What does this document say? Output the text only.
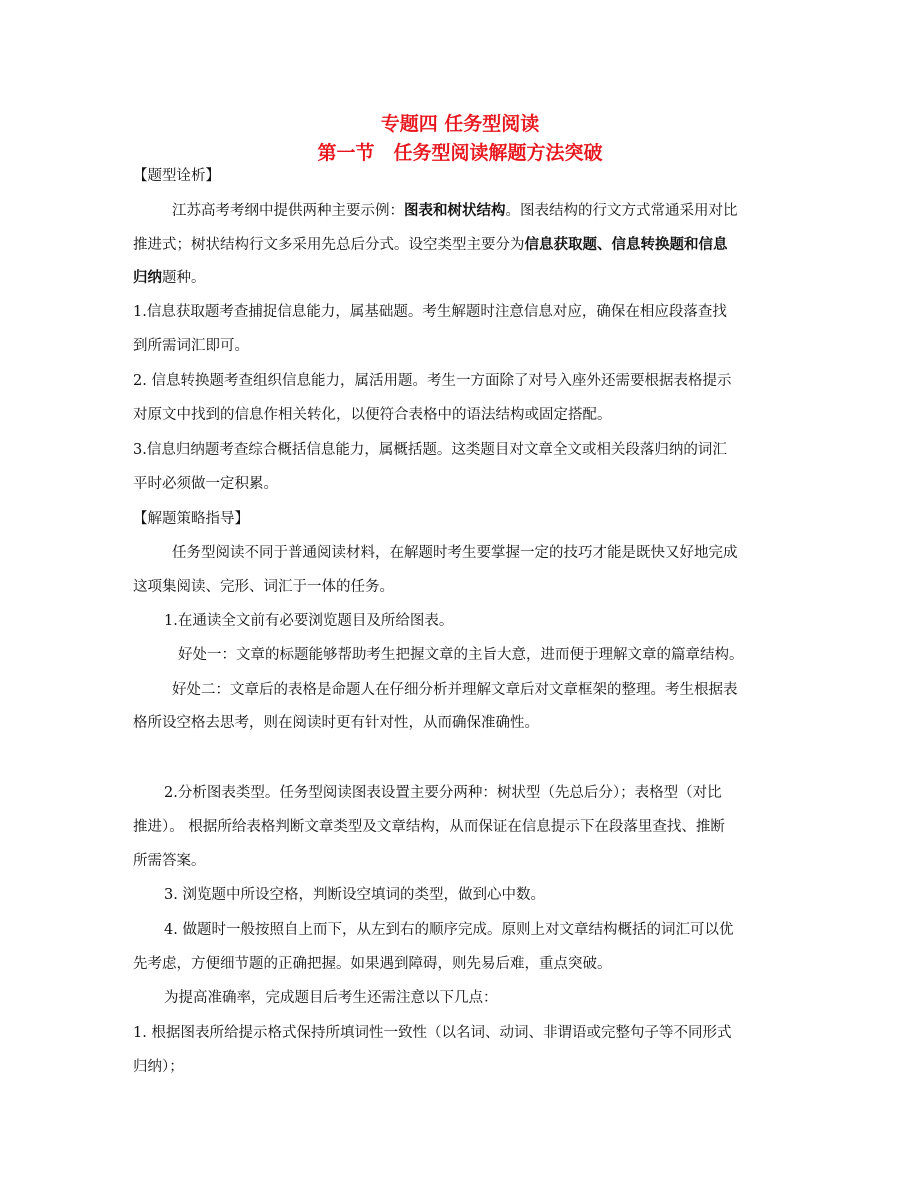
专题四 任务型阅读
第一节　任务型阅读解题方法突破
【题型诠析】
江苏高考考纲中提供两种主要示例：图表和树状结构。图表结构的行文方式常通采用对比
推进式；树状结构行文多采用先总后分式。设空类型主要分为信息获取题、信息转换题和信息
归纳题种。
1.信息获取题考查捕捉信息能力，属基础题。考生解题时注意信息对应，确保在相应段落查找
到所需词汇即可。
2. 信息转换题考查组织信息能力，属活用题。考生一方面除了对号入座外还需要根据表格提示
对原文中找到的信息作相关转化，以便符合表格中的语法结构或固定搭配。
3.信息归纳题考查综合概括信息能力，属概括题。这类题目对文章全文或相关段落归纳的词汇
平时必须做一定积累。
【解题策略指导】
任务型阅读不同于普通阅读材料，在解题时考生要掌握一定的技巧才能是既快又好地完成
这项集阅读、完形、词汇于一体的任务。
1.在通读全文前有必要浏览题目及所给图表。
好处一：文章的标题能够帮助考生把握文章的主旨大意，进而便于理解文章的篇章结构。
好处二：文章后的表格是命题人在仔细分析并理解文章后对文章框架的整理。考生根据表
格所设空格去思考，则在阅读时更有针对性，从而确保准确性。
2.分析图表类型。任务型阅读图表设置主要分两种：树状型（先总后分）；表格型（对比
推进）。 根据所给表格判断文章类型及文章结构，从而保证在信息提示下在段落里查找、推断
所需答案。
3. 浏览题中所设空格，判断设空填词的类型，做到心中数。
4. 做题时一般按照自上而下，从左到右的顺序完成。原则上对文章结构概括的词汇可以优
先考虑，方便细节题的正确把握。如果遇到障碍，则先易后难，重点突破。
为提高准确率，完成题目后考生还需注意以下几点：
1. 根据图表所给提示格式保持所填词性一致性（以名词、动词、非谓语或完整句子等不同形式
归纳）；
